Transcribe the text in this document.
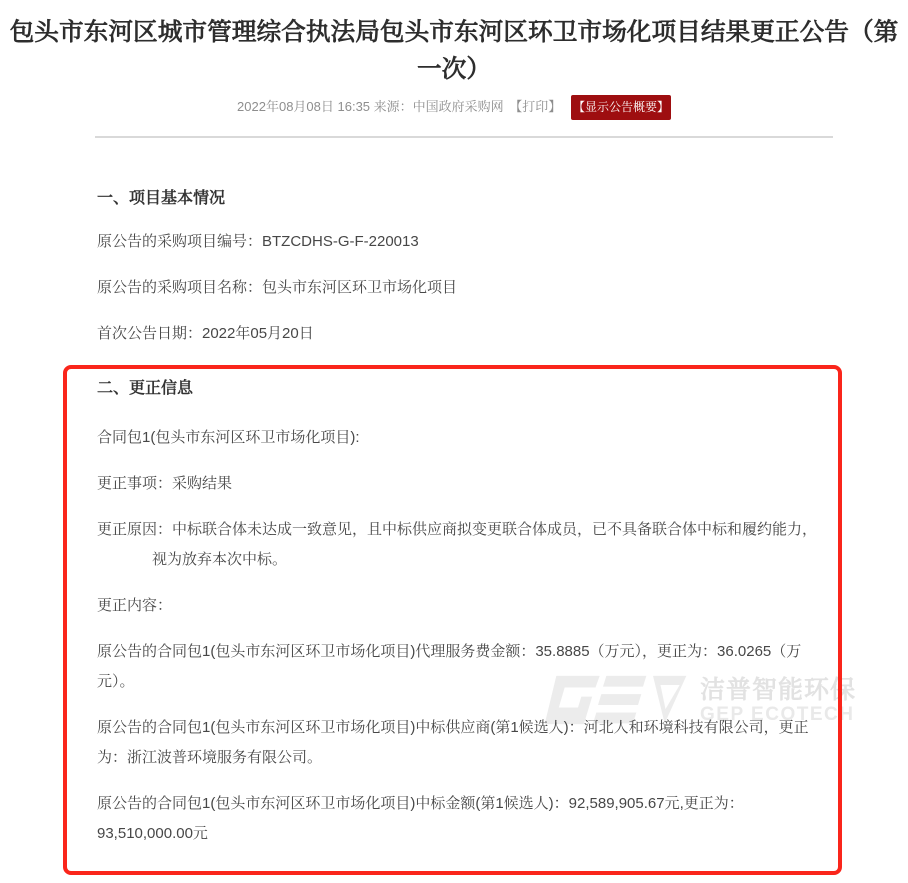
洁普智能环保
GEP ECOTECH
包头市东河区城市管理综合执法局包头市东河区环卫市场化项目结果更正公告（第一次）
2022年08月08日 16:35 来源：中国政府采购网 【打印】 【显示公告概要】
一、项目基本情况

原公告的采购项目编号：BTZCDHS-G-F-220013

原公告的采购项目名称：包头市东河区环卫市场化项目

首次公告日期：2022年05月20日

二、更正信息

合同包1(包头市东河区环卫市场化项目):

更正事项：采购结果

更正原因：中标联合体未达成一致意见，且中标供应商拟变更联合体成员，已不具备联合体中标和履约能力，视为放弃本次中标。

更正内容：

原公告的合同包1(包头市东河区环卫市场化项目)代理服务费金额：35.8885（万元），更正为：36.0265（万元）。

原公告的合同包1(包头市东河区环卫市场化项目)中标供应商(第1候选人)：河北人和环境科技有限公司，更正为：浙江波普环境服务有限公司。

原公告的合同包1(包头市东河区环卫市场化项目)中标金额(第1候选人)：92,589,905.67元,更正为：93,510,000.00元
